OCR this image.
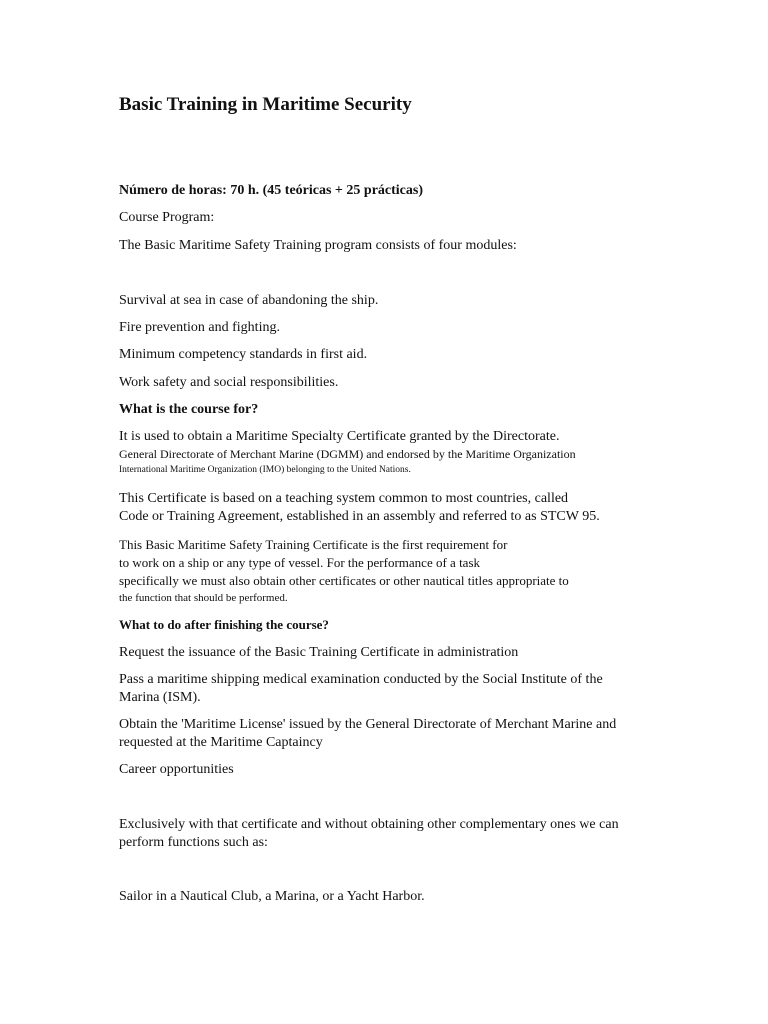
Basic Training in Maritime Security

Número de horas: 70 h. (45 teóricas + 25 prácticas)

Course Program:

The Basic Maritime Safety Training program consists of four modules:

Survival at sea in case of abandoning the ship.

Fire prevention and fighting.

Minimum competency standards in first aid.

Work safety and social responsibilities.

What is the course for?

It is used to obtain a Maritime Specialty Certificate granted by the Directorate.
General Directorate of Merchant Marine (DGMM) and endorsed by the Maritime Organization
International Maritime Organization (IMO) belonging to the United Nations.
This Certificate is based on a teaching system common to most countries, called
Code or Training Agreement, established in an assembly and referred to as STCW 95.
This Basic Maritime Safety Training Certificate is the first requirement for
to work on a ship or any type of vessel. For the performance of a task
specifically we must also obtain other certificates or other nautical titles appropriate to
the function that should be performed.

What to do after finishing the course?

Request the issuance of the Basic Training Certificate in administration

Pass a maritime shipping medical examination conducted by the Social Institute of the
Marina (ISM).
Obtain the 'Maritime License' issued by the General Directorate of Merchant Marine and
requested at the Maritime Captaincy

Career opportunities

Exclusively with that certificate and without obtaining other complementary ones we can
perform functions such as:

Sailor in a Nautical Club, a Marina, or a Yacht Harbor.
